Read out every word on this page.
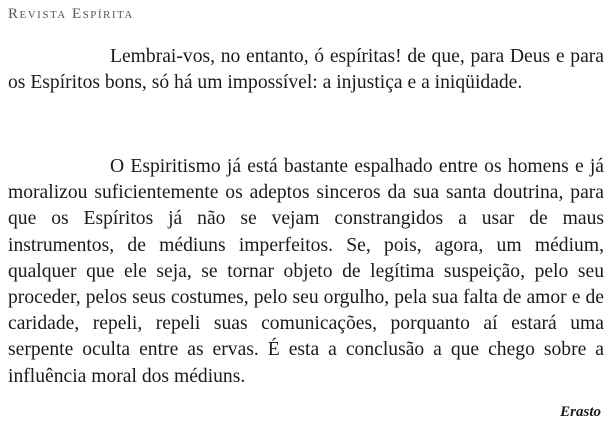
Revista Espírita

Lembrai-vos, no entanto, ó espíritas! de que, para Deus e para os Espíritos bons, só há um impossível: a injustiça e a iniqüidade.

O Espiritismo já está bastante espalhado entre os homens e já moralizou suficientemente os adeptos sinceros da sua santa doutrina, para que os Espíritos já não se vejam constrangidos a usar de maus instrumentos, de médiuns imperfeitos. Se, pois, agora, um médium, qualquer que ele seja, se tornar objeto de legítima suspeição, pelo seu proceder, pelos seus costumes, pelo seu orgulho, pela sua falta de amor e de caridade, repeli, repeli suas comunicações, porquanto aí estará uma serpente oculta entre as ervas. É esta a conclusão a que chego sobre a influência moral dos médiuns.

Erasto
